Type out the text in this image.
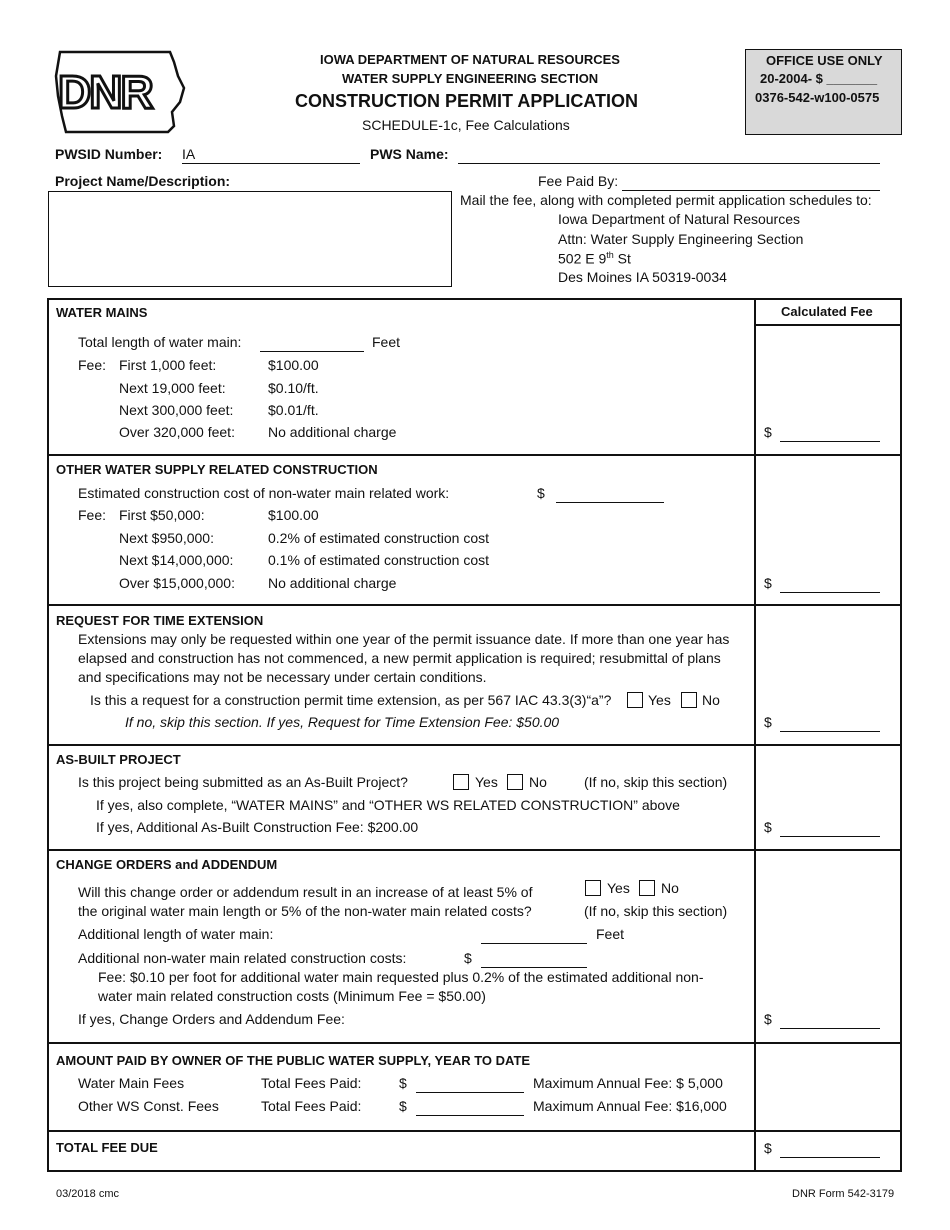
DNR
IOWA DEPARTMENT OF NATURAL RESOURCES
WATER SUPPLY ENGINEERING SECTION
CONSTRUCTION PERMIT APPLICATION
SCHEDULE-1c, Fee Calculations
OFFICE USE ONLY
20-2004- $ _______
0376-542-w100-0575
PWSID Number: IA	PWS Name:
Project Name/Description:	Fee Paid By:
Mail the fee, along with completed permit application schedules to:
Iowa Department of Natural Resources
Attn: Water Supply Engineering Section
502 E 9th St
Des Moines IA 50319-0034
Calculated Fee
WATER MAINS
Total length of water main:	Feet
Fee: First 1,000 feet:	$100.00
Next 19,000 feet:	$0.10/ft.
Next 300,000 feet: $0.01/ft.
Over 320,000 feet: No additional charge	$
OTHER WATER SUPPLY RELATED CONSTRUCTION
Estimated construction cost of non-water main related work:	$
Fee: First $50,000:	$100.00
Next $950,000:	0.2% of estimated construction cost
Next $14,000,000: 0.1% of estimated construction cost
Over $15,000,000: No additional charge	$
REQUEST FOR TIME EXTENSION
Extensions may only be requested within one year of the permit issuance date. If more than one year has elapsed and construction has not commenced, a new permit application is required; resubmittal of plans and specifications may not be necessary under certain conditions.
Is this a request for a construction permit time extension, as per 567 IAC 43.3(3)“a”?	Yes No
If no, skip this section. If yes, Request for Time Extension Fee: $50.00	$
AS-BUILT PROJECT
Is this project being submitted as an As-Built Project?	Yes No	(If no, skip this section)
If yes, also complete, “WATER MAINS” and “OTHER WS RELATED CONSTRUCTION” above
If yes, Additional As-Built Construction Fee: $200.00	$
CHANGE ORDERS and ADDENDUM
Will this change order or addendum result in an increase of at least 5% of
the original water main length or 5% of the non-water main related costs?
Yes No
(If no, skip this section)
Additional length of water main:	Feet
Additional non-water main related construction costs:	$
Fee: $0.10 per foot for additional water main requested plus 0.2% of the estimated additional non-
water main related construction costs (Minimum Fee = $50.00)
If yes, Change Orders and Addendum Fee:	$
AMOUNT PAID BY OWNER OF THE PUBLIC WATER SUPPLY, YEAR TO DATE
Water Main Fees	Total Fees Paid:	$	Maximum Annual Fee: $ 5,000
Other WS Const. Fees	Total Fees Paid:	$	Maximum Annual Fee: $16,000
TOTAL FEE DUE	$
03/2018 cmc	DNR Form 542-3179
